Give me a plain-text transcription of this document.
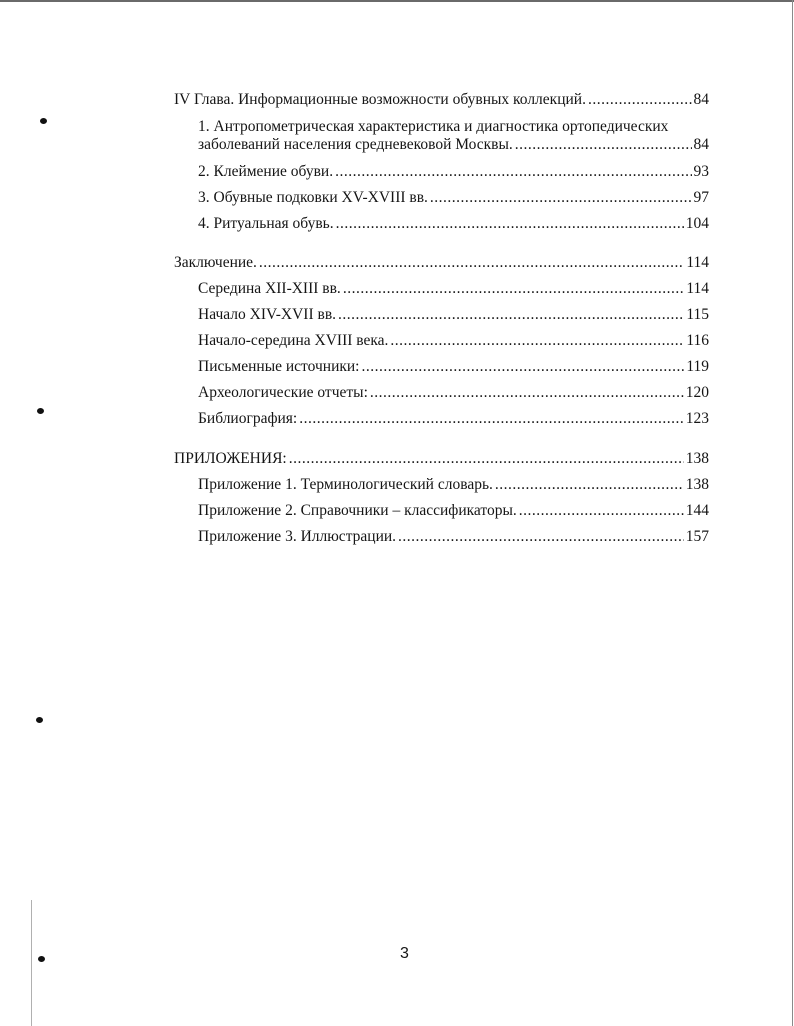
IV Глава. Информационные возможности обувных коллекций. .....	84
1. Антропометрическая характеристика и диагностика ортопедических
заболеваний населения средневековой Москвы. .....	84
2. Клеймение обуви. .....	93
3. Обувные подковки XV-XVIII вв. .....	97
4. Ритуальная обувь. .....	104
Заключение. .....	114
Середина XII-XIII вв. .....	114
Начало XIV-XVII вв. .....	115
Начало-середина XVIII века. .....	116
Письменные источники: .....	119
Археологические отчеты: .....	120
Библиография: .....	123
ПРИЛОЖЕНИЯ: .....	138
Приложение 1. Терминологический словарь. .....	138
Приложение 2. Справочники – классификаторы. .....	144
Приложение 3. Иллюстрации. .....	157
3
